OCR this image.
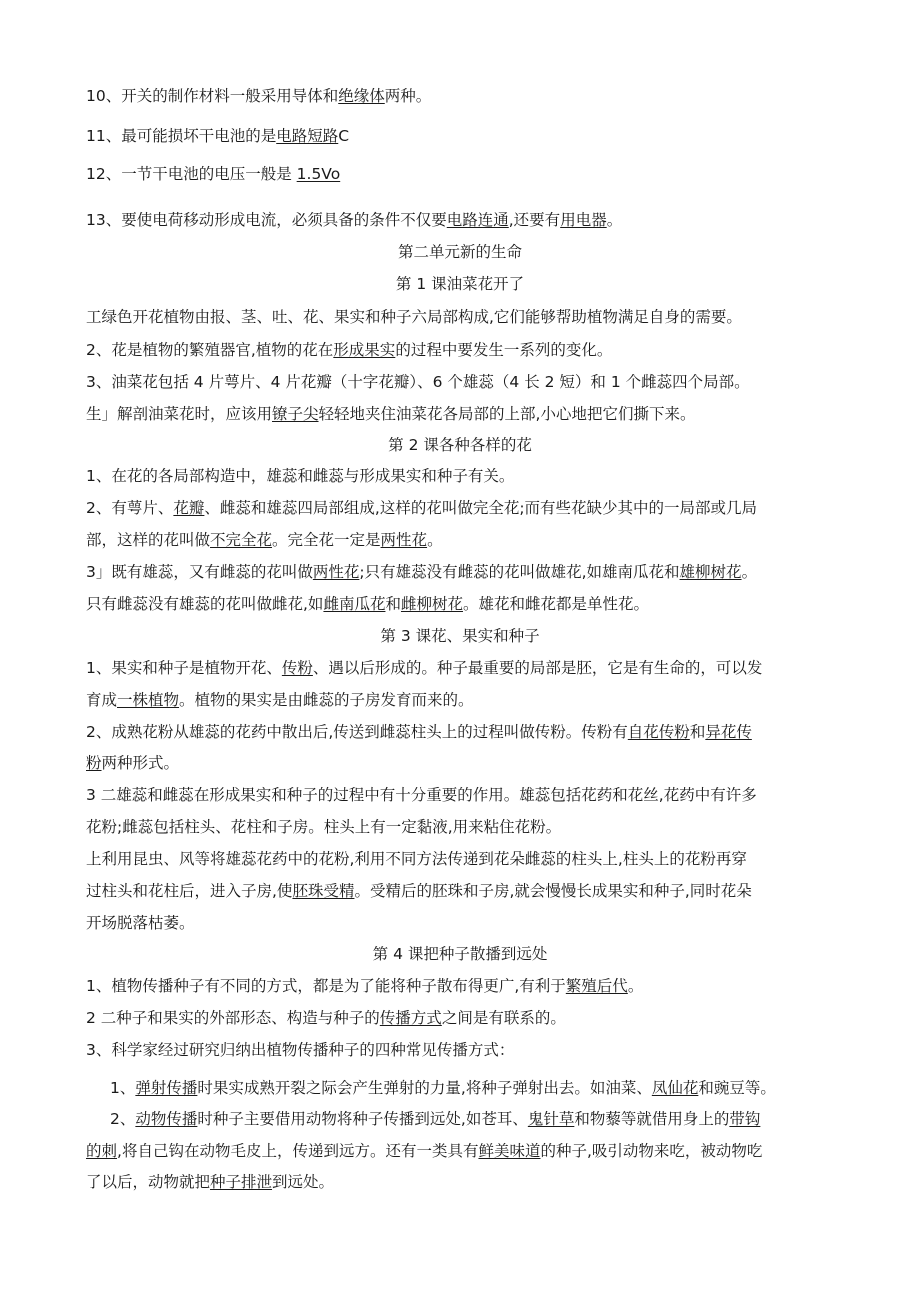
10、开关的制作材料一般采用导体和绝缘体两种。
11、最可能损坏干电池的是电路短路C
12、一节干电池的电压一般是 1.5Vo
13、要使电荷移动形成电流，必须具备的条件不仅要电路连通,还要有用电器。
第二单元新的生命
第 1 课油菜花开了
工绿色开花植物由报、茎、吐、花、果实和种子六局部构成,它们能够帮助植物满足自身的需要。
2、花是植物的繁殖器官,植物的花在形成果实的过程中要发生一系列的变化。
3、油菜花包括 4 片萼片、4 片花瓣（十字花瓣）、6 个雄蕊（4 长 2 短）和 1 个雌蕊四个局部。
生」解剖油菜花时，应该用镣子尖轻轻地夹住油菜花各局部的上部,小心地把它们撕下来。
第 2 课各种各样的花
1、在花的各局部构造中，雄蕊和雌蕊与形成果实和种子有关。
2、有萼片、花瓣、雌蕊和雄蕊四局部组成,这样的花叫做完全花;而有些花缺少其中的一局部或几局
部，这样的花叫做不完全花。完全花一定是两性花。
3」既有雄蕊，又有雌蕊的花叫做两性花;只有雄蕊没有雌蕊的花叫做雄花,如雄南瓜花和雄柳树花。
只有雌蕊没有雄蕊的花叫做雌花,如雌南瓜花和雌柳树花。雄花和雌花都是单性花。
第 3 课花、果实和种子
1、果实和种子是植物开花、传粉、遇以后形成的。种子最重要的局部是胚，它是有生命的，可以发
育成一株植物。植物的果实是由雌蕊的子房发育而来的。
2、成熟花粉从雄蕊的花药中散出后,传送到雌蕊柱头上的过程叫做传粉。传粉有自花传粉和异花传
粉两种形式。
3 二雄蕊和雌蕊在形成果实和种子的过程中有十分重要的作用。雄蕊包括花药和花丝,花药中有许多
花粉;雌蕊包括柱头、花柱和子房。柱头上有一定黏液,用来粘住花粉。
上利用昆虫、风等将雄蕊花药中的花粉,利用不同方法传递到花朵雌蕊的柱头上,柱头上的花粉再穿
过柱头和花柱后，进入子房,使胚珠受精。受精后的胚珠和子房,就会慢慢长成果实和种子,同时花朵
开场脱落枯萎。
第 4 课把种子散播到远处
1、植物传播种子有不同的方式，都是为了能将种子散布得更广,有利于繁殖后代。
2 二种子和果实的外部形态、构造与种子的传播方式之间是有联系的。
3、科学家经过研究归纳出植物传播种子的四种常见传播方式：
1、弹射传播时果实成熟开裂之际会产生弹射的力量,将种子弹射出去。如油菜、凤仙花和豌豆等。
2、动物传播时种子主要借用动物将种子传播到远处,如苍耳、鬼针草和物藜等就借用身上的带钩
的刺,将自己钩在动物毛皮上，传递到远方。还有一类具有鲜美味道的种子,吸引动物来吃，被动物吃
了以后，动物就把种子排泄到远处。
